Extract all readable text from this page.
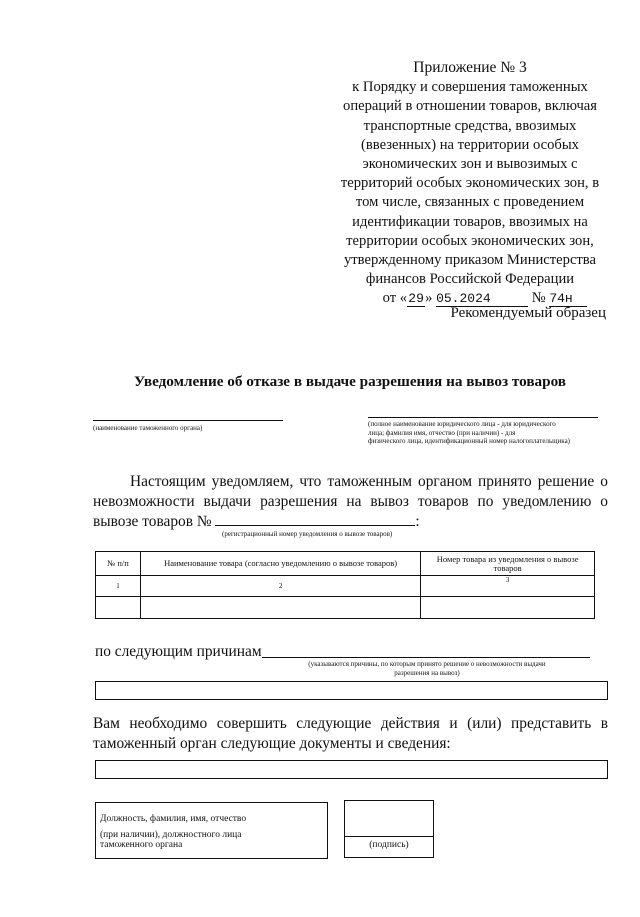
Приложение № 3
к Порядку и совершения таможенных
операций в отношении товаров, включая
транспортные средства, ввозимых
(ввезенных) на территории особых
экономических зон и вывозимых с
территорий особых экономических зон, в
том числе, связанных с проведением
идентификации товаров, ввозимых на
территории особых экономических зон,
утвержденному приказом Министерства
финансов Российской Федерации
от «29» 05.2024	№ 74н
Рекомендуемый образец
Уведомление об отказе в выдаче разрешения на вывоз товаров
(наименование таможенного органа)	(полное наименование юридического лица - для юридического
лица; фамилия имя, отчество (при наличии) - для
физического лица, идентификационный номер налогоплательщика)
Настоящим уведомляем, что таможенным органом принято решение о невозможности выдачи разрешения на вывоз товаров по уведомлению о вывозе товаров №	:
(регистрационный номер уведомления о вывозе товаров)
№ п/п	Наименование товара (согласно уведомлению о вывозе товаров)	Номер товара из уведомления о вывозе товаров
1	2	3

по следующим причинам
(указываются причины, по которым принято решение о невозможности выдачи
разрешения на вывоз)
Вам необходимо совершить следующие действия и (или) представить в таможенный орган следующие документы и сведения:
Должность, фамилия, имя, отчество
(при наличии), должностного лица
таможенного органа	(подпись)
